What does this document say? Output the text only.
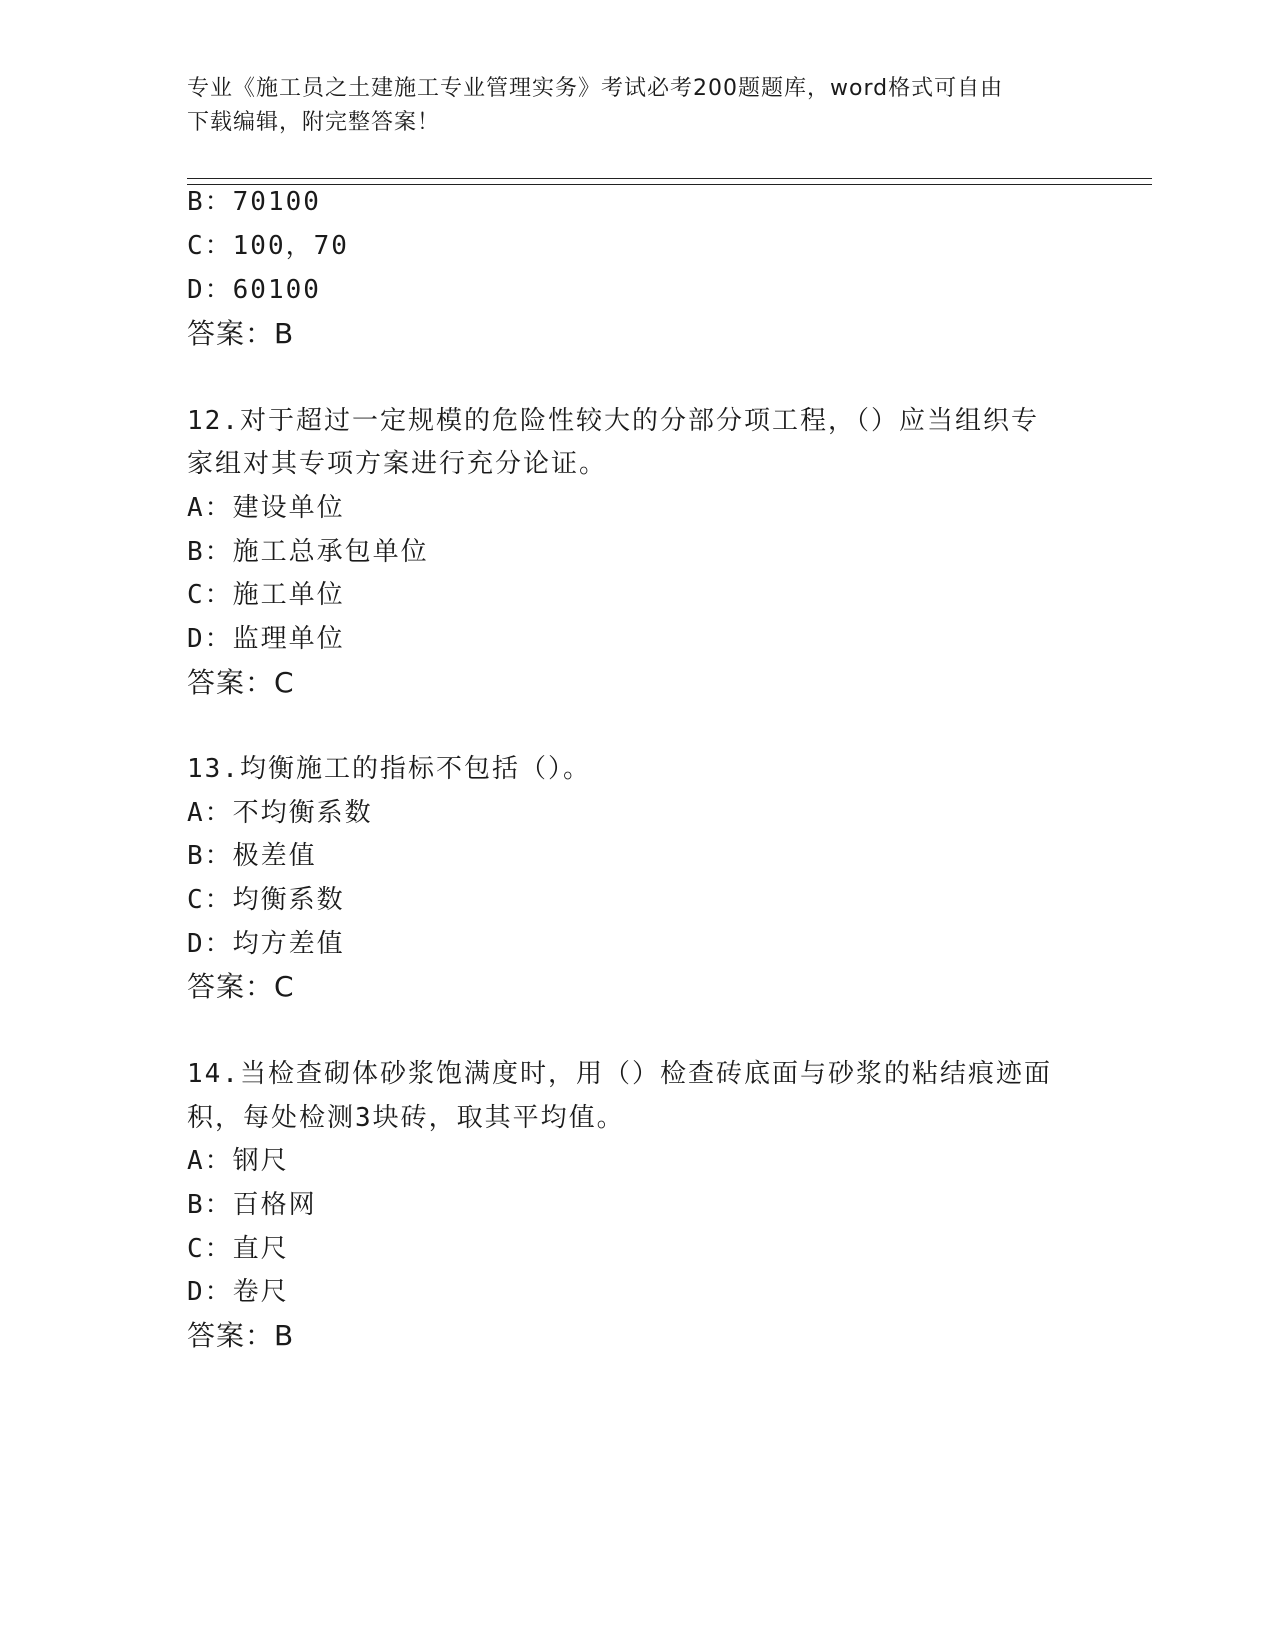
专业《施工员之土建施工专业管理实务》考试必考200题题库，word格式可自由
下载编辑，附完整答案！
B：70100
C：100，70
D：60100
答案：B
12.对于超过一定规模的危险性较大的分部分项工程，（）应当组织专
家组对其专项方案进行充分论证。
A：建设单位
B：施工总承包单位
C：施工单位
D：监理单位
答案：C
13.均衡施工的指标不包括（）。
A：不均衡系数
B：极差值
C：均衡系数
D：均方差值
答案：C
14.当检查砌体砂浆饱满度时，用（）检查砖底面与砂浆的粘结痕迹面
积，每处检测3块砖，取其平均值。
A：钢尺
B：百格网
C：直尺
D：卷尺
答案：B
